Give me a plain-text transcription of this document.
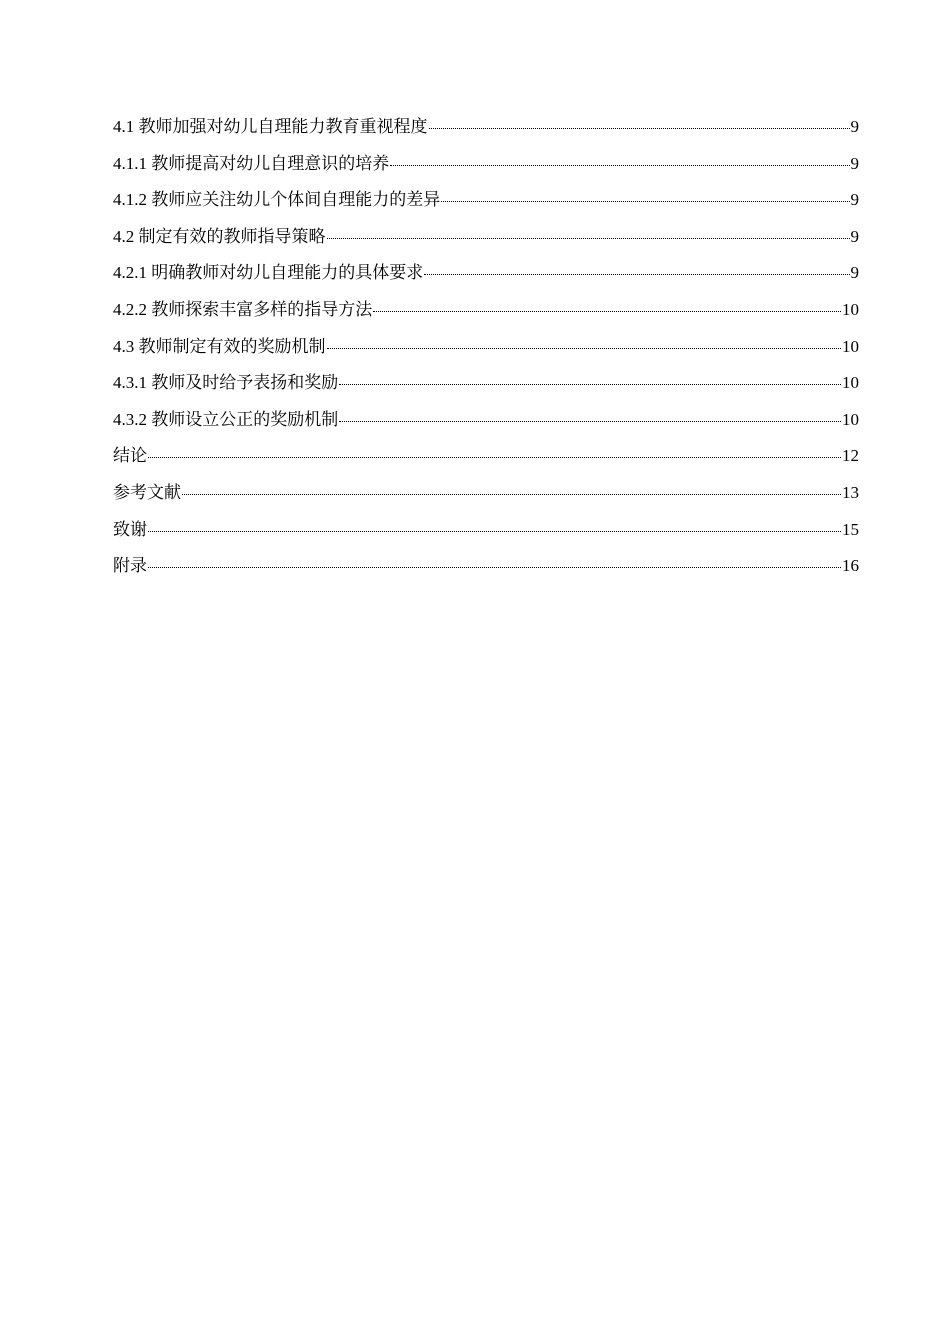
4.1 教师加强对幼儿自理能力教育重视程度	9
4.1.1 教师提高对幼儿自理意识的培养	9
4.1.2 教师应关注幼儿个体间自理能力的差异	9
4.2 制定有效的教师指导策略	9
4.2.1 明确教师对幼儿自理能力的具体要求	9
4.2.2 教师探索丰富多样的指导方法	10
4.3 教师制定有效的奖励机制	10
4.3.1 教师及时给予表扬和奖励	10
4.3.2 教师设立公正的奖励机制	10
结论	12
参考文献	13
致谢	15
附录	16
